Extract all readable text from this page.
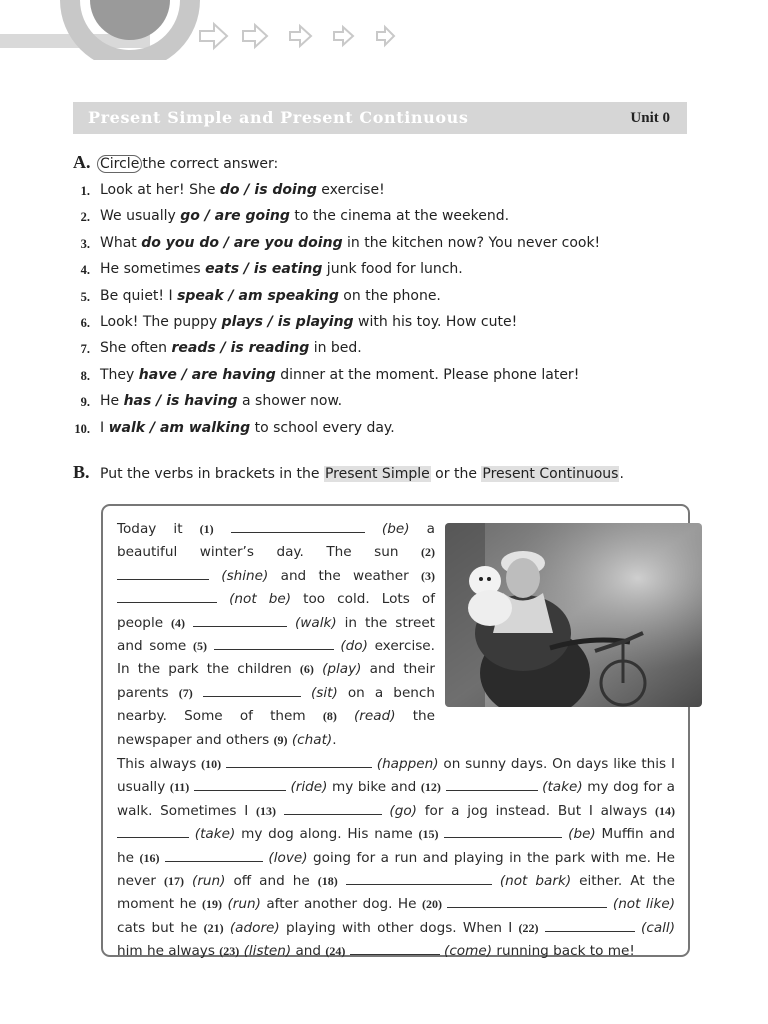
Present Simple and Present Continuous	Unit 0
A. Circle the correct answer:
1. Look at her! She do / is doing exercise!
2. We usually go / are going to the cinema at the weekend.
3. What do you do / are you doing in the kitchen now? You never cook!
4. He sometimes eats / is eating junk food for lunch.
5. Be quiet! I speak / am speaking on the phone.
6. Look! The puppy plays / is playing with his toy. How cute!
7. She often reads / is reading in bed.
8. They have / are having dinner at the moment. Please phone later!
9. He has / is having a shower now.
10. I walk / am walking to school every day.
B. Put the verbs in brackets in the Present Simple or the Present Continuous.
Today it (1)	(be) a beautiful winter’s day. The sun (2)  (shine) and the weather (3)  (not be) too cold. Lots of people (4)	(walk) in the street and some (5)	(do) exercise. In the park the children (6) (play) and their parents (7)	(sit) on a bench nearby. Some of them (8) (read) the newspaper and others (9) (chat).
This always (10)	(happen) on sunny days. On days like this I usually (11)	(ride) my bike and (12)	(take) my dog for a walk. Sometimes I (13)	(go) for a jog instead. But I always (14)  (take) my dog along. His name (15)	(be) Muffin and he (16)	(love) going for a run and playing in the park with me. He never (17) (run) off and he (18)	(not bark) either. At the moment he (19) (run) after another dog. He (20)	(not like) cats but he (21) (adore) playing with other dogs. When I (22)	(call) him he always (23) (listen) and (24)	(come) running back to me!
